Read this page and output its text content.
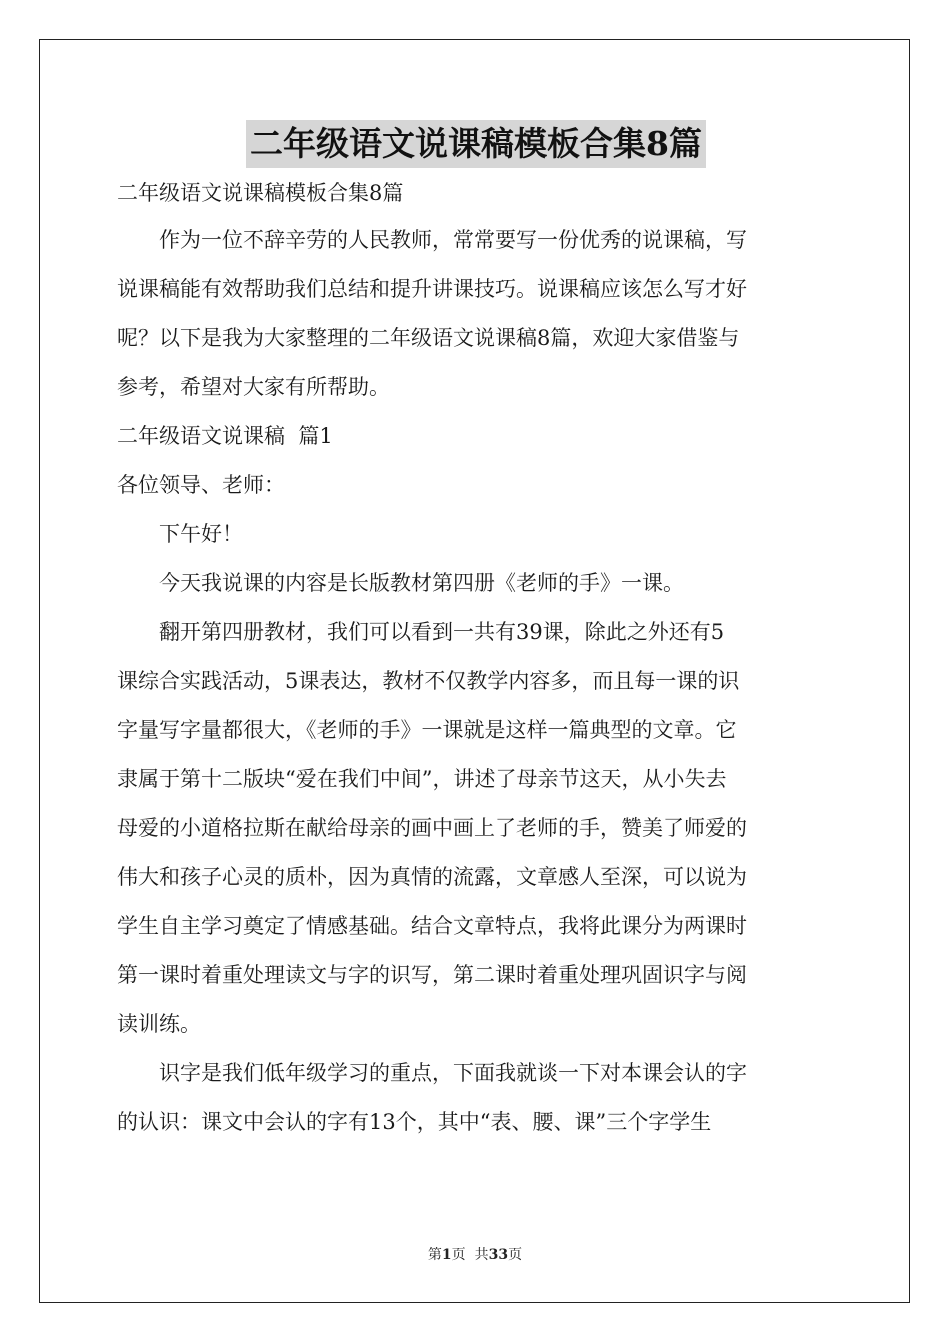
二年级语文说课稿模板合集8篇

二年级语文说课稿模板合集8篇

作为一位不辞辛劳的人民教师，常常要写一份优秀的说课稿，写

说课稿能有效帮助我们总结和提升讲课技巧。说课稿应该怎么写才好

呢？以下是我为大家整理的二年级语文说课稿8篇，欢迎大家借鉴与

参考，希望对大家有所帮助。

二年级语文说课稿  篇1

各位领导、老师：

下午好！

今天我说课的内容是长版教材第四册《老师的手》一课。

翻开第四册教材，我们可以看到一共有39课，除此之外还有5

课综合实践活动，5课表达，教材不仅教学内容多，而且每一课的识

字量写字量都很大，《老师的手》一课就是这样一篇典型的文章。它

隶属于第十二版块“爱在我们中间”，讲述了母亲节这天，从小失去

母爱的小道格拉斯在献给母亲的画中画上了老师的手，赞美了师爱的

伟大和孩子心灵的质朴，因为真情的流露，文章感人至深，可以说为

学生自主学习奠定了情感基础。结合文章特点，我将此课分为两课时

第一课时着重处理读文与字的识写，第二课时着重处理巩固识字与阅

读训练。

识字是我们低年级学习的重点，下面我就谈一下对本课会认的字

的认识：课文中会认的字有13个，其中“表、腰、课”三个字学生

第1页  共33页
